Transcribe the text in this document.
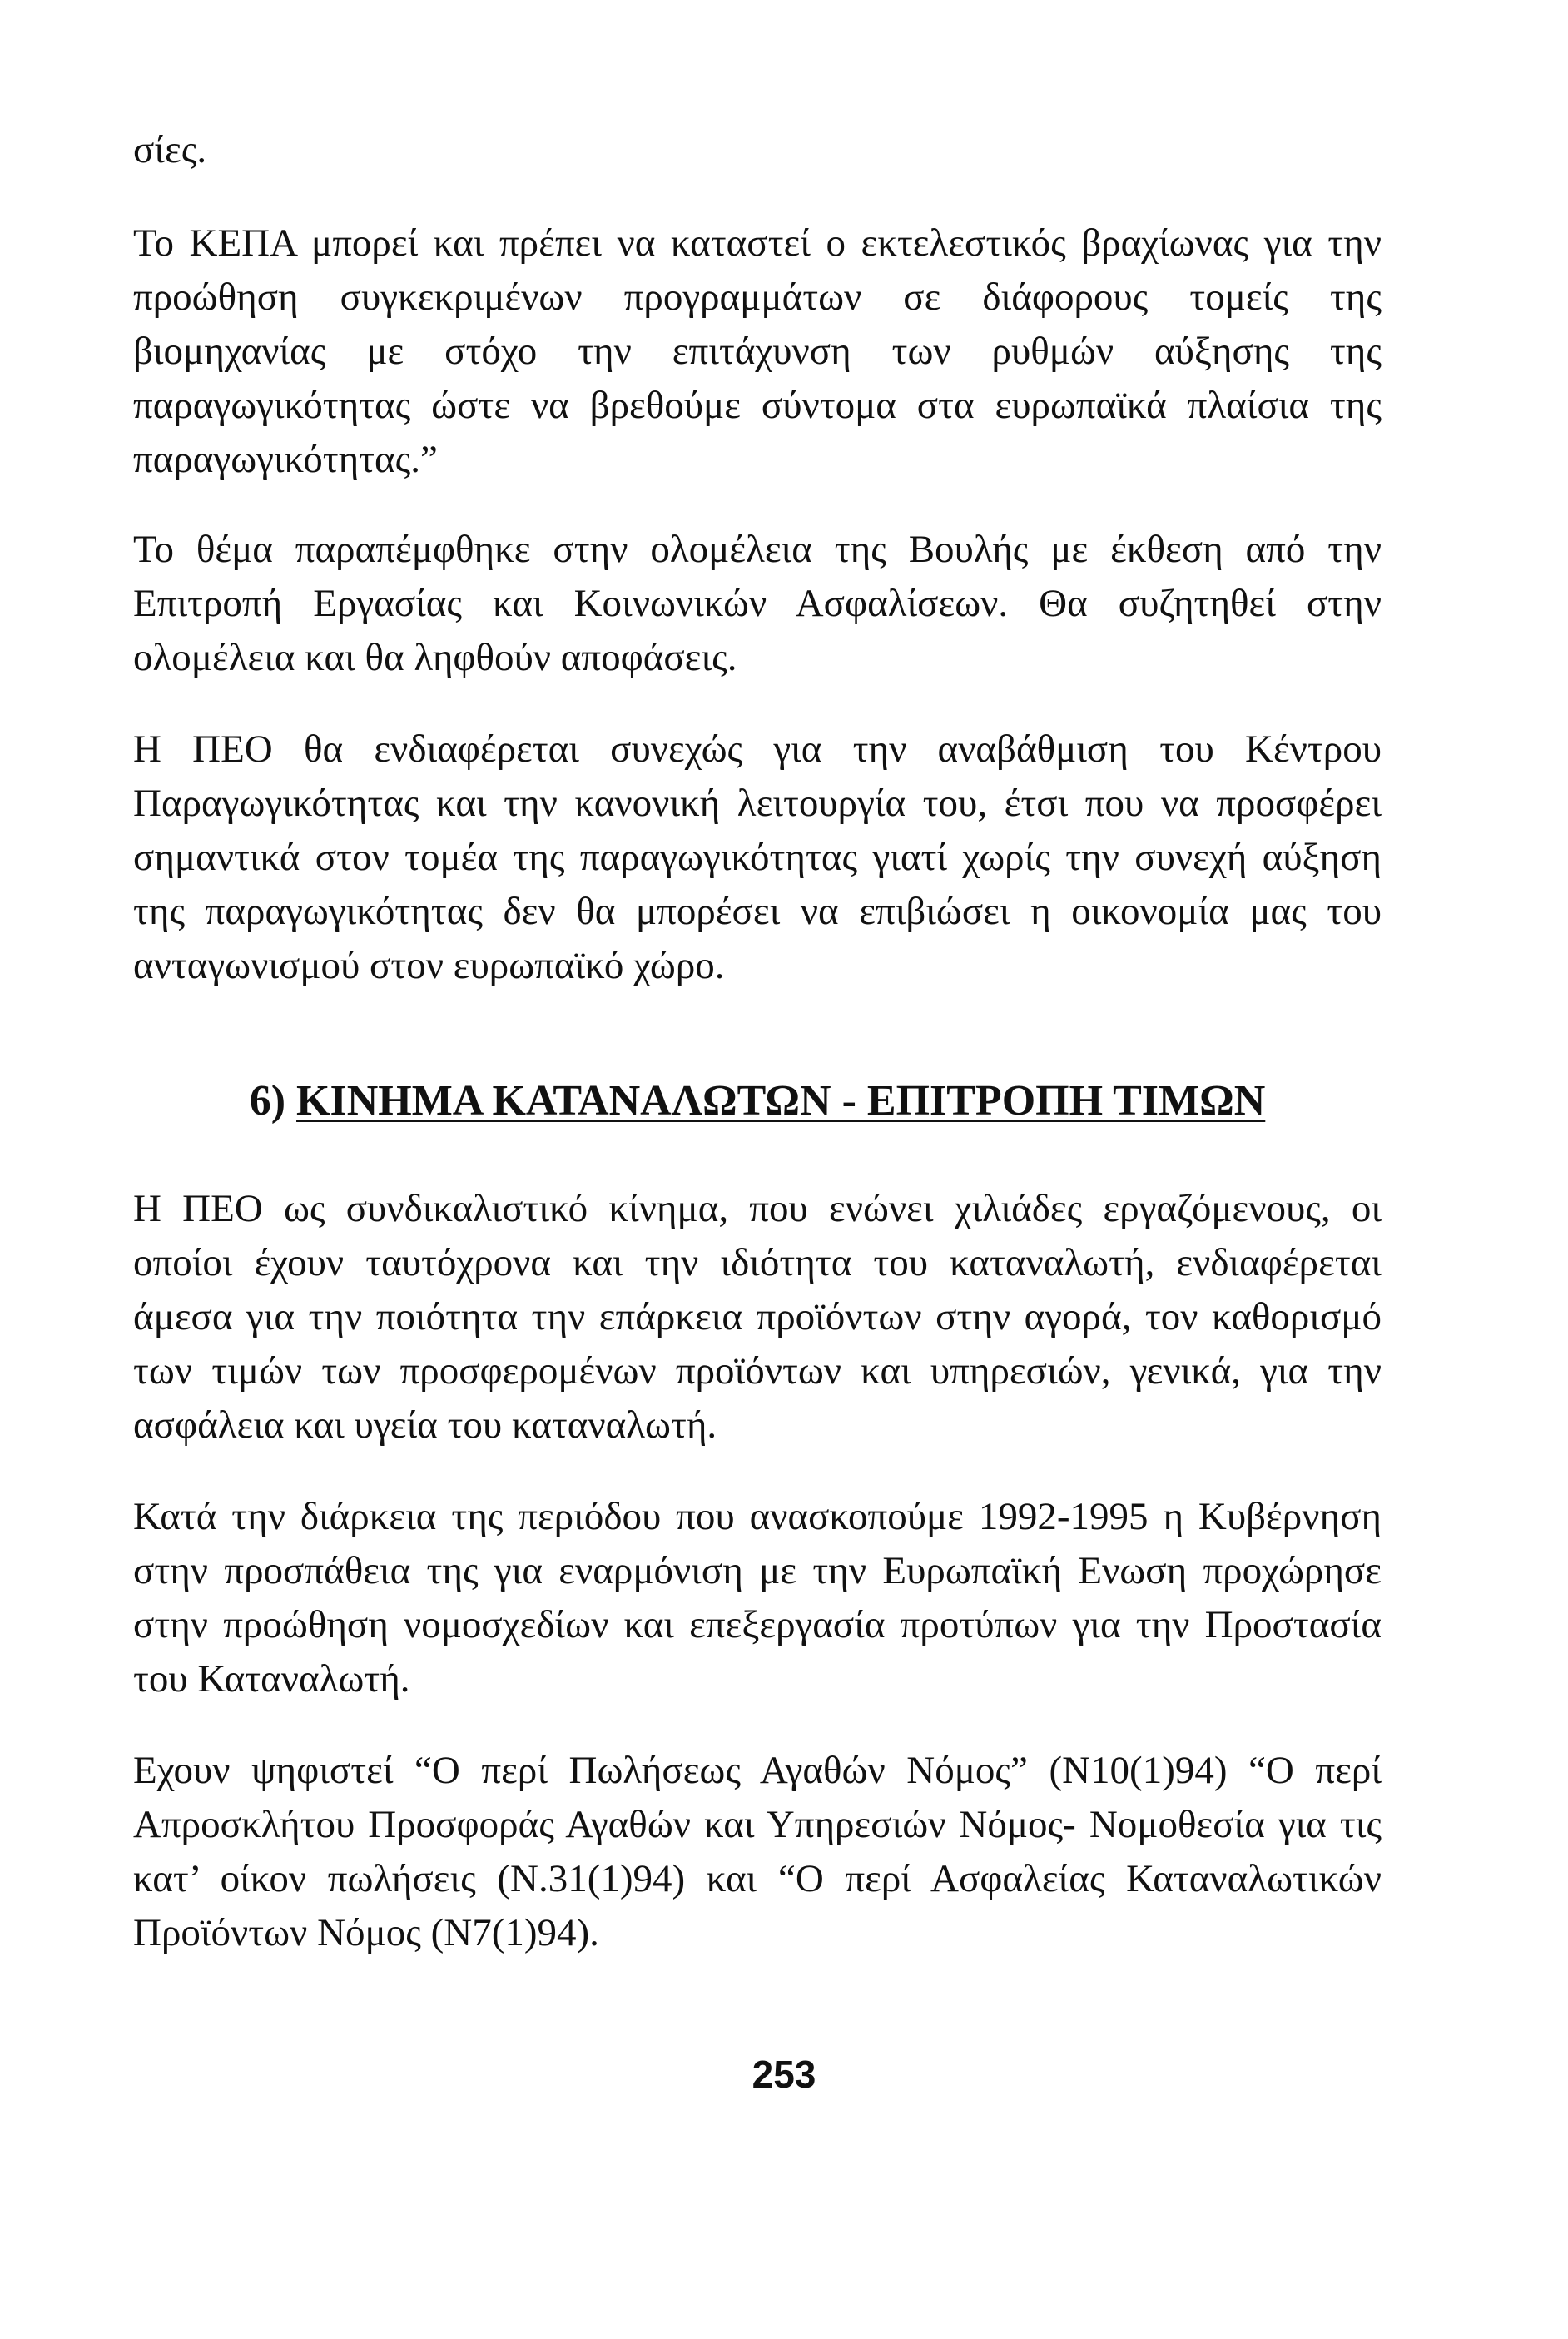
σίες.

Το ΚΕΠΑ μπορεί και πρέπει να καταστεί ο εκτελεστικός βραχίωνας για την προώθηση συγκεκριμένων προγραμμάτων σε διάφορους τομείς της βιομηχανίας με στόχο την επιτάχυνση των ρυθμών αύξησης της παραγωγικότητας ώστε να βρεθούμε σύντομα στα ευρωπαϊκά πλαίσια της παραγωγικότητας.”

Το θέμα παραπέμφθηκε στην ολομέλεια της Βουλής με έκθεση από την Επιτροπή Εργασίας και Κοινωνικών Ασφαλίσεων. Θα συζητηθεί στην ολομέλεια και θα ληφθούν αποφάσεις.

Η ΠΕΟ θα ενδιαφέρεται συνεχώς για την αναβάθμιση του Κέντρου Παραγωγικότητας και την κανονική λειτουργία του, έτσι που να προσφέρει σημαντικά στον τομέα της παραγωγικότητας γιατί χωρίς την συνεχή αύξηση της παραγωγικότητας δεν θα μπορέσει να επιβιώσει η οικονομία μας του ανταγωνισμού στον ευρωπαϊκό χώρο.

6) ΚΙΝΗΜΑ ΚΑΤΑΝΑΛΩΤΩΝ - ΕΠΙΤΡΟΠΗ ΤΙΜΩΝ

Η ΠΕΟ ως συνδικαλιστικό κίνημα, που ενώνει χιλιάδες εργαζόμενους, οι οποίοι έχουν ταυτόχρονα και την ιδιότητα του καταναλωτή, ενδιαφέρεται άμεσα για την ποιότητα την επάρκεια προϊόντων στην αγορά, τον καθορισμό των τιμών των προσφερομένων προϊόντων και υπηρεσιών, γενικά, για την ασφάλεια και υγεία του καταναλωτή.

Κατά την διάρκεια της περιόδου που ανασκοπούμε 1992-1995 η Κυβέρνηση στην προσπάθεια της για εναρμόνιση με την Ευρωπαϊκή Ενωση προχώρησε στην προώθηση νομοσχεδίων και επεξεργασία προτύπων για την Προστασία του Καταναλωτή.

Εχουν ψηφιστεί “Ο περί Πωλήσεως Αγαθών Νόμος” (Ν10(1)94) “Ο περί Απροσκλήτου Προσφοράς Αγαθών και Υπηρεσιών Νόμος- Νομοθεσία για τις κατ’ οίκον πωλήσεις (Ν.31(1)94) και “Ο περί Ασφαλείας Καταναλωτικών Προϊόντων Νόμος (Ν7(1)94).

253
